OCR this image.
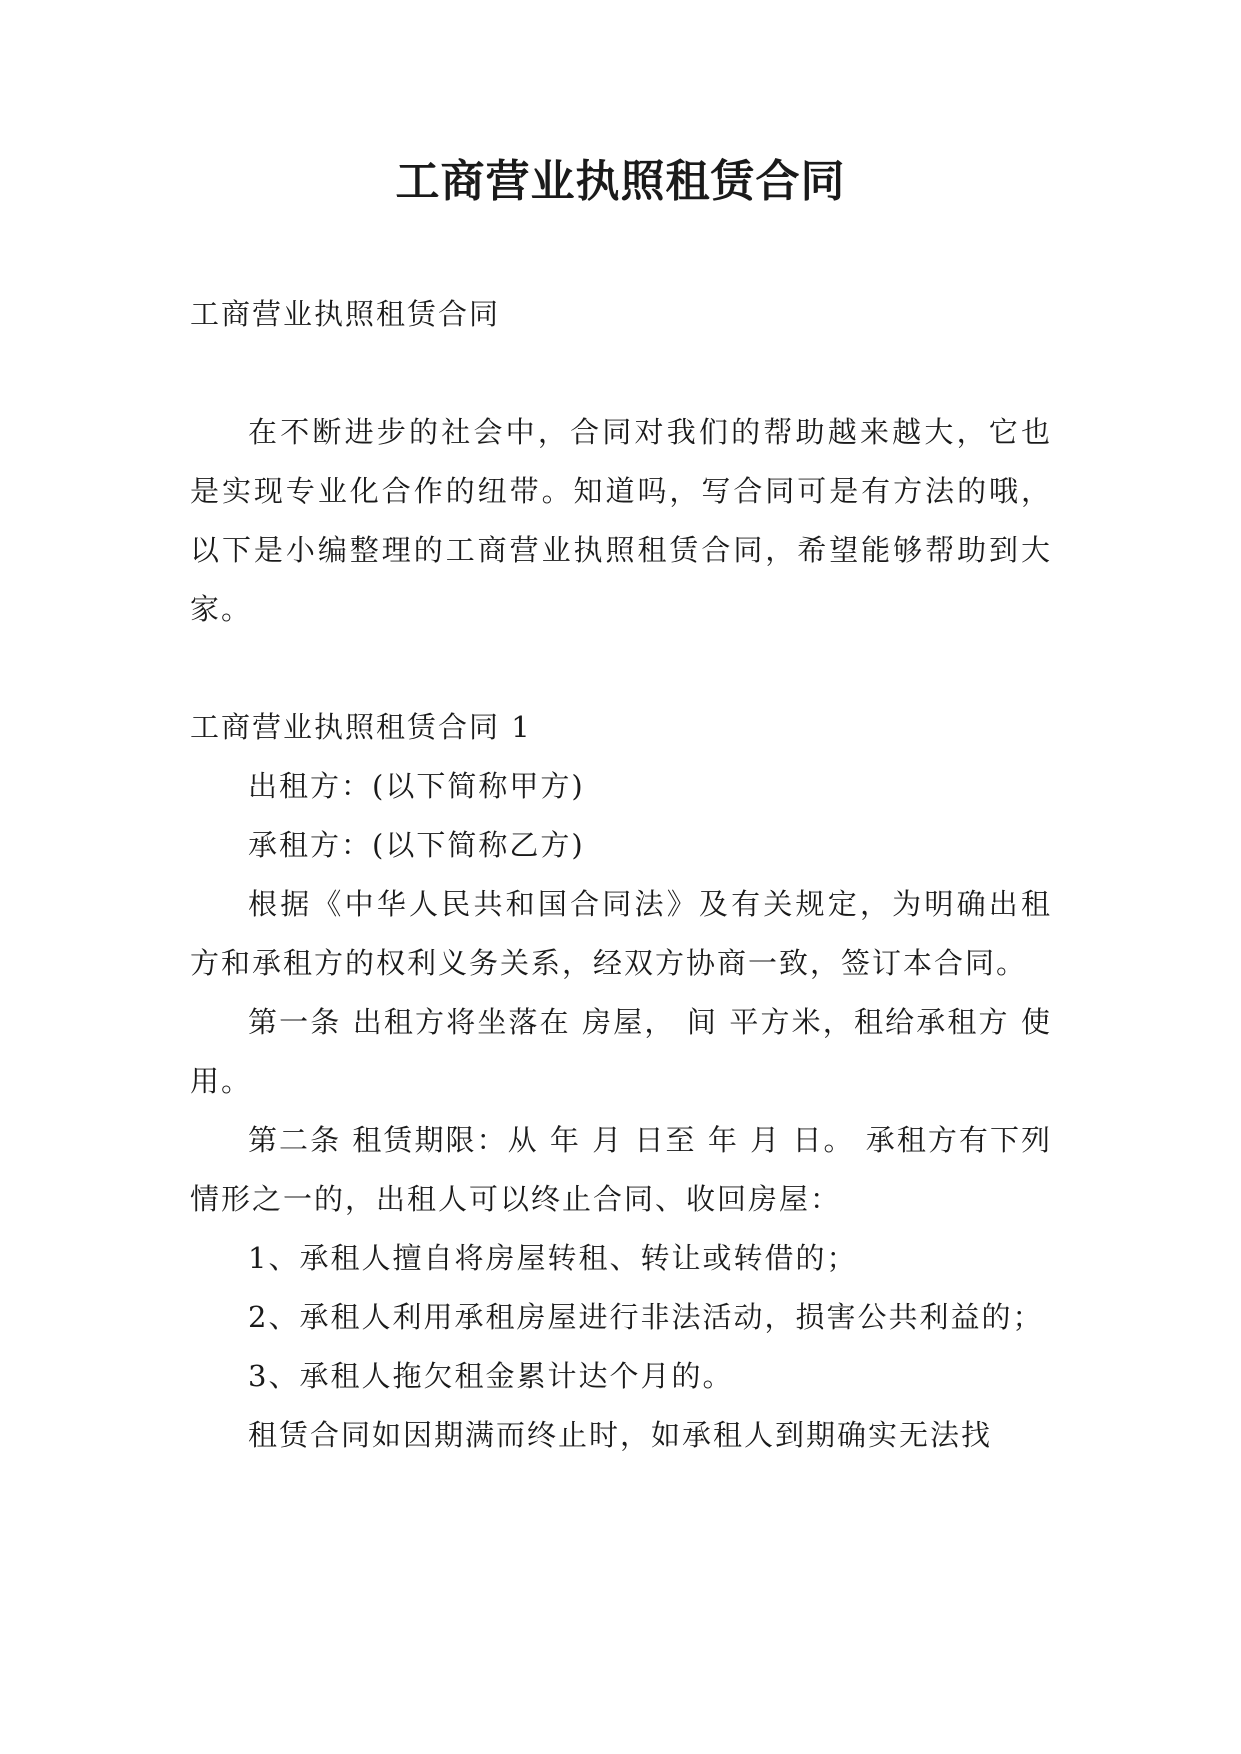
工商营业执照租赁合同

工商营业执照租赁合同

在不断进步的社会中，合同对我们的帮助越来越大，它也是实现专业化合作的纽带。知道吗，写合同可是有方法的哦，以下是小编整理的工商营业执照租赁合同，希望能够帮助到大家。

工商营业执照租赁合同 1

出租方：(以下简称甲方)

承租方：(以下简称乙方)

根据《中华人民共和国合同法》及有关规定，为明确出租方和承租方的权利义务关系，经双方协商一致，签订本合同。

第一条 出租方将坐落在 房屋， 间 平方米，租给承租方 使用。

第二条 租赁期限：从 年 月 日至 年 月 日。 承租方有下列情形之一的，出租人可以终止合同、收回房屋：

1、承租人擅自将房屋转租、转让或转借的；

2、承租人利用承租房屋进行非法活动，损害公共利益的；

3、承租人拖欠租金累计达个月的。

租赁合同如因期满而终止时，如承租人到期确实无法找
